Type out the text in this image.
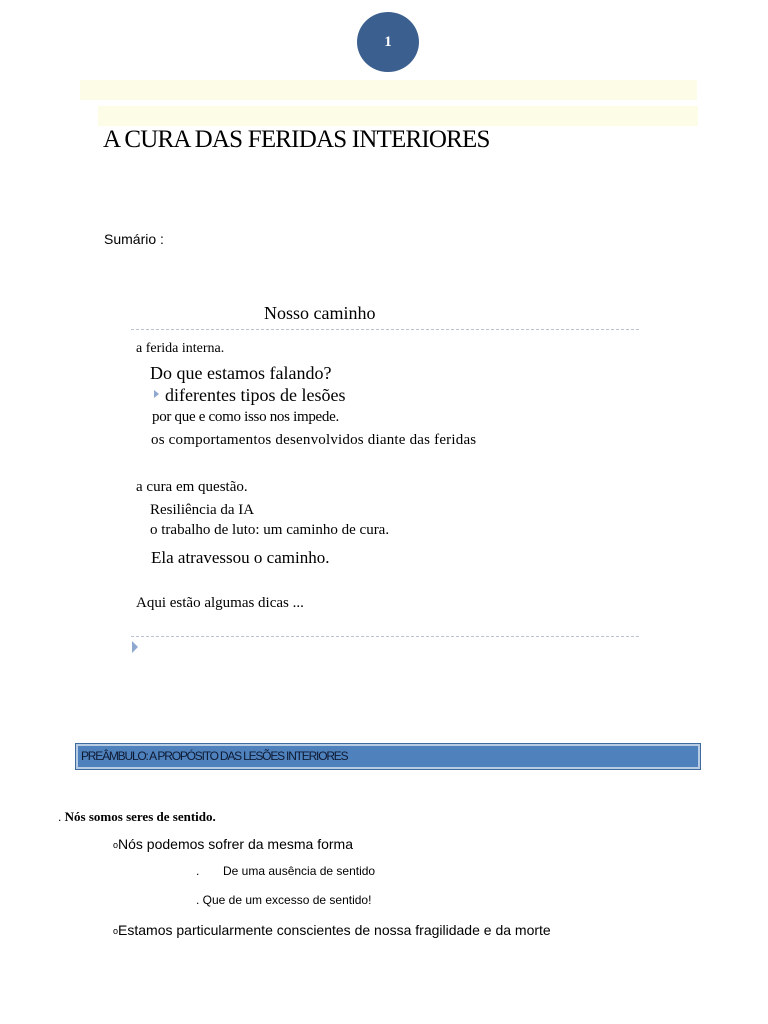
1
A CURA DAS FERIDAS INTERIORES
Sumário :
Nosso caminho
a ferida interna.
Do que estamos falando?
diferentes tipos de lesões
por que e como isso nos impede.
os comportamentos desenvolvidos diante das feridas
a cura em questão.
Resiliência da IA
o trabalho de luto: um caminho de cura.
Ela atravessou o caminho.
Aqui estão algumas dicas ...
PREÂMBULO: A PROPÓSITO DAS LESÕES INTERIORES
. Nós somos seres de sentido.
oNós podemos sofrer da mesma forma
. De uma ausência de sentido
. Que de um excesso de sentido!
oEstamos particularmente conscientes de nossa fragilidade e da morte
